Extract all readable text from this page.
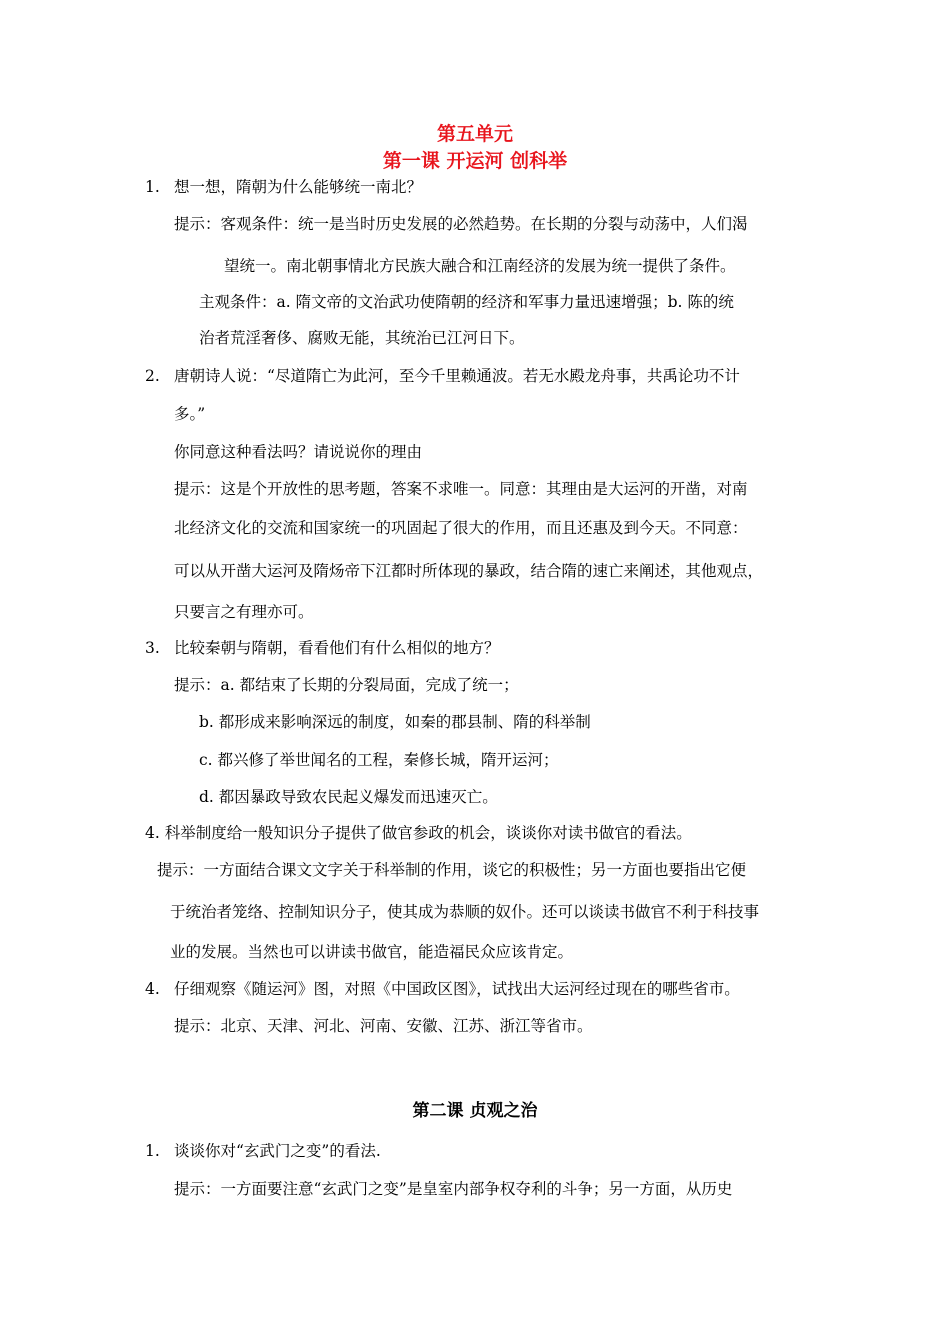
第五单元
第一课 开运河 创科举
1. 想一想，隋朝为什么能够统一南北？
提示：客观条件：统一是当时历史发展的必然趋势。在长期的分裂与动荡中，人们渴
望统一。南北朝事情北方民族大融合和江南经济的发展为统一提供了条件。
主观条件：a. 隋文帝的文治武功使隋朝的经济和军事力量迅速增强；b. 陈的统
治者荒淫奢侈、腐败无能，其统治已江河日下。
2. 唐朝诗人说：“尽道隋亡为此河，至今千里赖通波。若无水殿龙舟事，共禹论功不计
多。”
你同意这种看法吗？请说说你的理由
提示：这是个开放性的思考题，答案不求唯一。同意：其理由是大运河的开凿，对南
北经济文化的交流和国家统一的巩固起了很大的作用，而且还惠及到今天。不同意：
可以从开凿大运河及隋炀帝下江都时所体现的暴政，结合隋的速亡来阐述，其他观点，
只要言之有理亦可。
3. 比较秦朝与隋朝，看看他们有什么相似的地方？
提示：a. 都结束了长期的分裂局面，完成了统一；
b. 都形成来影响深远的制度，如秦的郡县制、隋的科举制
c. 都兴修了举世闻名的工程，秦修长城，隋开运河；
d. 都因暴政导致农民起义爆发而迅速灭亡。
4. 科举制度给一般知识分子提供了做官参政的机会，谈谈你对读书做官的看法。
提示：一方面结合课文文字关于科举制的作用，谈它的积极性；另一方面也要指出它便
于统治者笼络、控制知识分子，使其成为恭顺的奴仆。还可以谈读书做官不利于科技事
业的发展。当然也可以讲读书做官，能造福民众应该肯定。
4. 仔细观察《随运河》图，对照《中国政区图》，试找出大运河经过现在的哪些省市。
提示：北京、天津、河北、河南、安徽、江苏、浙江等省市。
第二课 贞观之治
1. 谈谈你对“玄武门之变”的看法.
提示：一方面要注意“玄武门之变”是皇室内部争权夺利的斗争；另一方面，从历史
